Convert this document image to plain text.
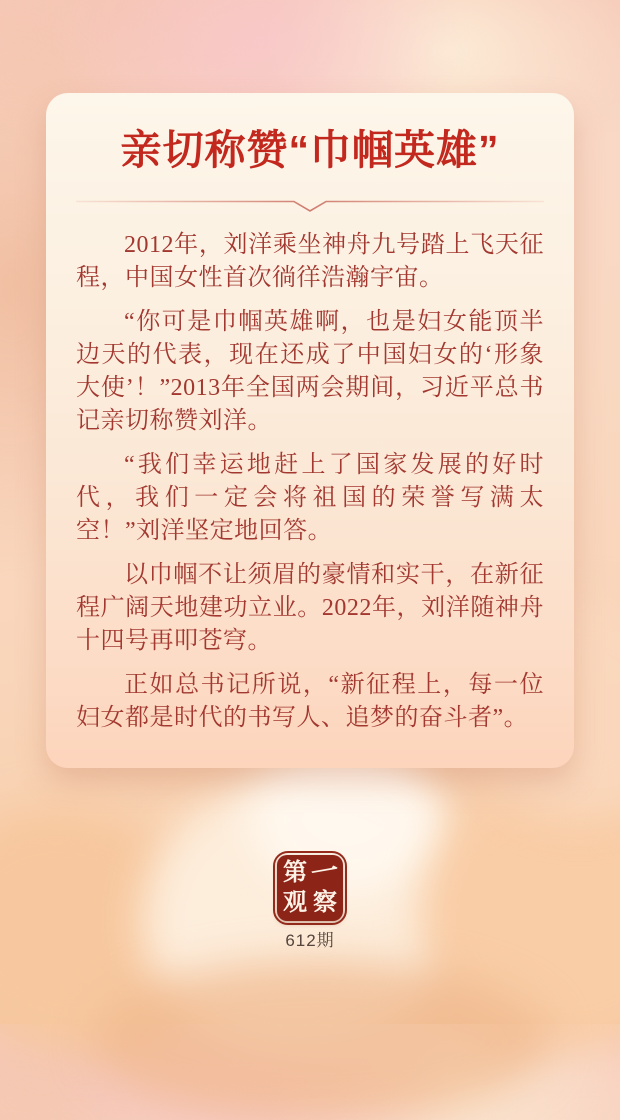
亲切称赞“巾帼英雄”

2012年，刘洋乘坐神舟九号踏上飞天征程，中国女性首次徜徉浩瀚宇宙。

“你可是巾帼英雄啊，也是妇女能顶半边天的代表，现在还成了中国妇女的‘形象大使’！”2013年全国两会期间，习近平总书记亲切称赞刘洋。

“我们幸运地赶上了国家发展的好时代，我们一定会将祖国的荣誉写满太空！”刘洋坚定地回答。

以巾帼不让须眉的豪情和实干，在新征程广阔天地建功立业。2022年，刘洋随神舟十四号再叩苍穹。

正如总书记所说，“新征程上，每一位妇女都是时代的书写人、追梦的奋斗者”。

第 一
观 察
612期
